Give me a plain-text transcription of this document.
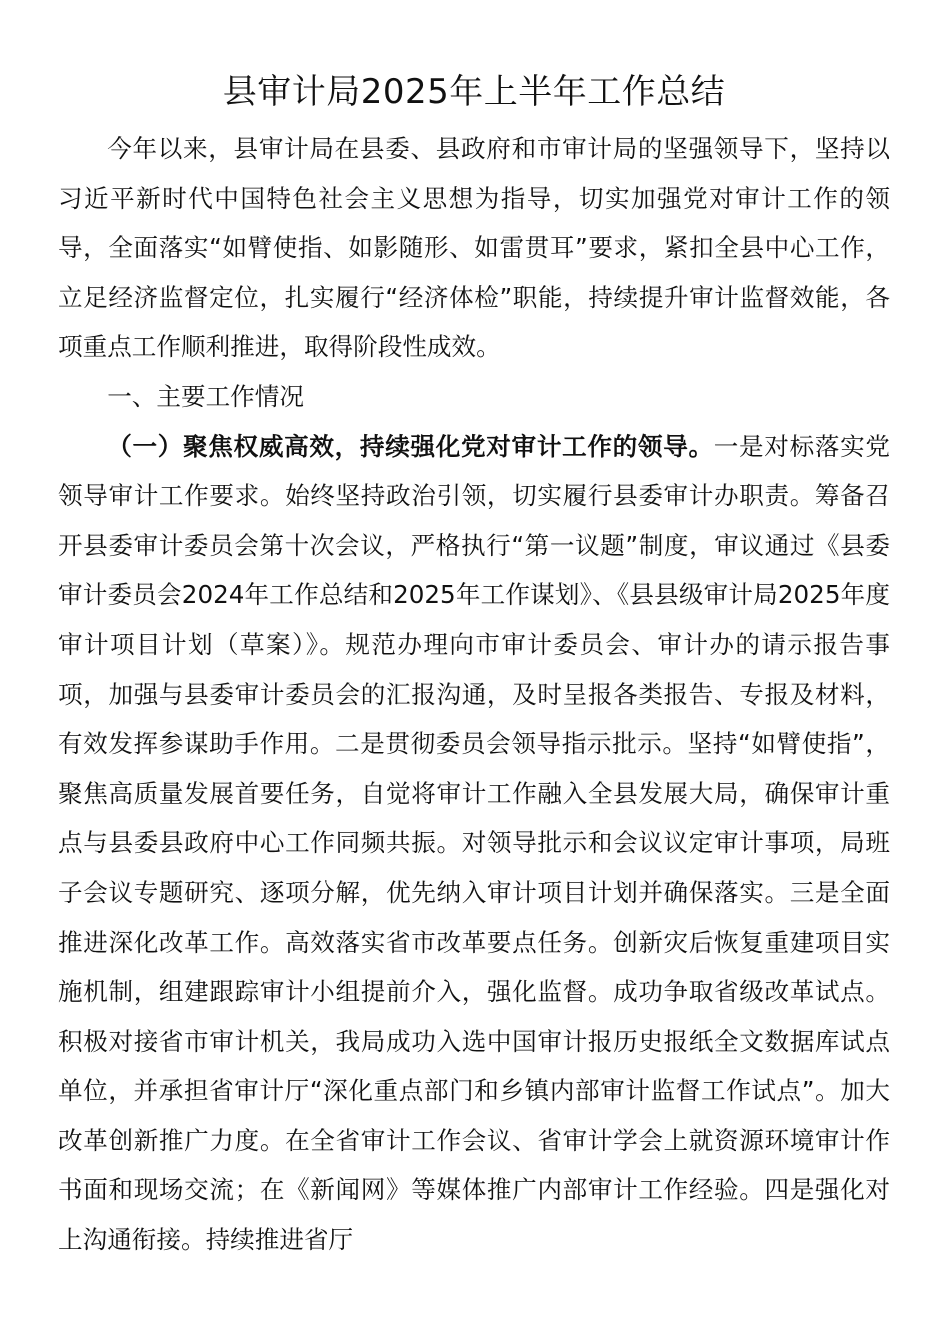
县审计局2025年上半年工作总结

今年以来，县审计局在县委、县政府和市审计局的坚强领导下，坚持以习近平新时代中国特色社会主义思想为指导，切实加强党对审计工作的领导，全面落实“如臂使指、如影随形、如雷贯耳”要求，紧扣全县中心工作，立足经济监督定位，扎实履行“经济体检”职能，持续提升审计监督效能，各项重点工作顺利推进，取得阶段性成效。

一、主要工作情况

（一）聚焦权威高效，持续强化党对审计工作的领导。一是对标落实党领导审计工作要求。始终坚持政治引领，切实履行县委审计办职责。筹备召开县委审计委员会第十次会议，严格执行“第一议题”制度，审议通过《县委审计委员会2024年工作总结和2025年工作谋划》、《县县级审计局2025年度审计项目计划（草案）》。规范办理向市审计委员会、审计办的请示报告事项，加强与县委审计委员会的汇报沟通，及时呈报各类报告、专报及材料，有效发挥参谋助手作用。二是贯彻委员会领导指示批示。坚持“如臂使指”，聚焦高质量发展首要任务，自觉将审计工作融入全县发展大局，确保审计重点与县委县政府中心工作同频共振。对领导批示和会议议定审计事项，局班子会议专题研究、逐项分解，优先纳入审计项目计划并确保落实。三是全面推进深化改革工作。高效落实省市改革要点任务。创新灾后恢复重建项目实施机制，组建跟踪审计小组提前介入，强化监督。成功争取省级改革试点。积极对接省市审计机关，我局成功入选中国审计报历史报纸全文数据库试点单位，并承担省审计厅“深化重点部门和乡镇内部审计监督工作试点”。加大改革创新推广力度。在全省审计工作会议、省审计学会上就资源环境审计作书面和现场交流；在《新闻网》等媒体推广内部审计工作经验。四是强化对上沟通衔接。持续推进省厅
